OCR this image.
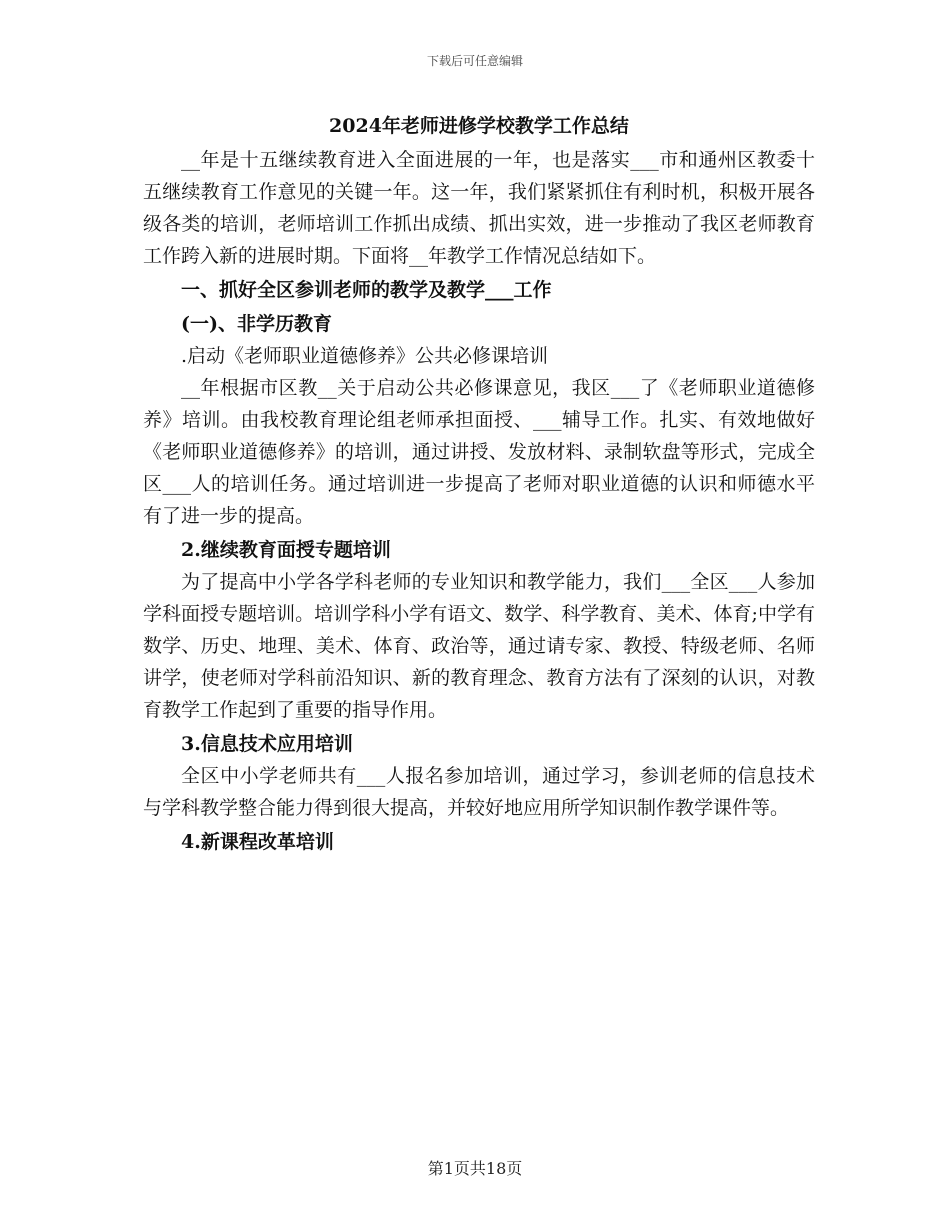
下载后可任意编辑
2024年老师进修学校教学工作总结

__年是十五继续教育进入全面进展的一年，也是落实___市和通州区教委十五继续教育工作意见的关键一年。这一年，我们紧紧抓住有利时机，积极开展各级各类的培训，老师培训工作抓出成绩、抓出实效，进一步推动了我区老师教育工作跨入新的进展时期。下面将__年教学工作情况总结如下。

一、抓好全区参训老师的教学及教学___工作

(一)、非学历教育

.启动《老师职业道德修养》公共必修课培训

__年根据市区教__关于启动公共必修课意见，我区___了《老师职业道德修养》培训。由我校教育理论组老师承担面授、___辅导工作。扎实、有效地做好《老师职业道德修养》的培训，通过讲授、发放材料、录制软盘等形式，完成全区___人的培训任务。通过培训进一步提高了老师对职业道德的认识和师德水平有了进一步的提高。

2.继续教育面授专题培训

为了提高中小学各学科老师的专业知识和教学能力，我们___全区___人参加学科面授专题培训。培训学科小学有语文、数学、科学教育、美术、体育;中学有数学、历史、地理、美术、体育、政治等，通过请专家、教授、特级老师、名师讲学，使老师对学科前沿知识、新的教育理念、教育方法有了深刻的认识，对教育教学工作起到了重要的指导作用。

3.信息技术应用培训

全区中小学老师共有___人报名参加培训，通过学习，参训老师的信息技术与学科教学整合能力得到很大提高，并较好地应用所学知识制作教学课件等。

4.新课程改革培训

第1页共18页
